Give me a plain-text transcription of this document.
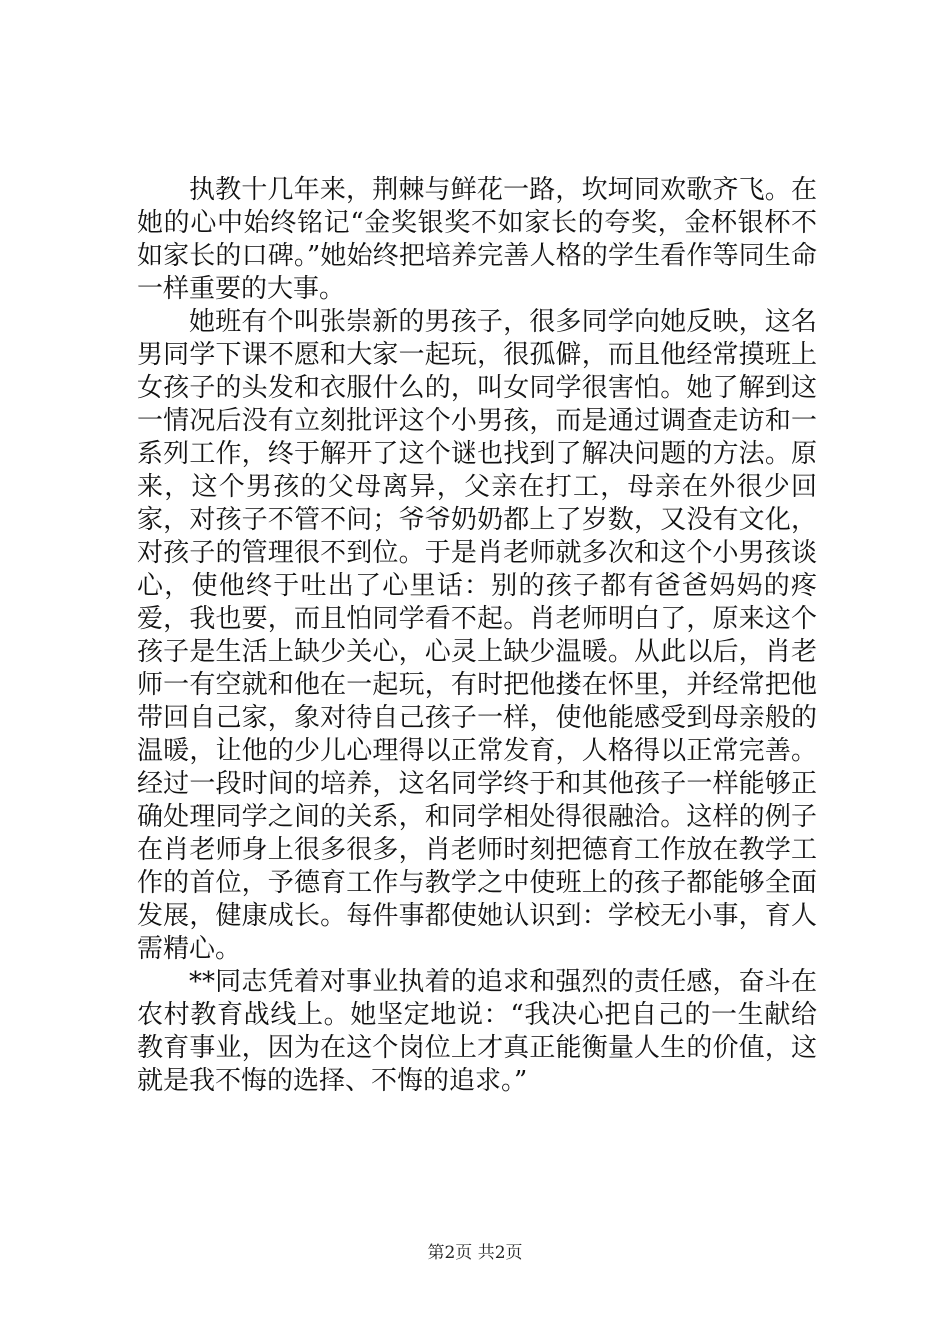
执教十几年来，荆棘与鲜花一路，坎坷同欢歌齐飞。在她的心中始终铭记“金奖银奖不如家长的夸奖，金杯银杯不如家长的口碑。”她始终把培养完善人格的学生看作等同生命一样重要的大事。

她班有个叫张崇新的男孩子，很多同学向她反映，这名男同学下课不愿和大家一起玩，很孤僻，而且他经常摸班上女孩子的头发和衣服什么的，叫女同学很害怕。她了解到这一情况后没有立刻批评这个小男孩，而是通过调查走访和一系列工作，终于解开了这个谜也找到了解决问题的方法。原来，这个男孩的父母离异，父亲在打工，母亲在外很少回家，对孩子不管不问；爷爷奶奶都上了岁数，又没有文化，对孩子的管理很不到位。于是肖老师就多次和这个小男孩谈心，使他终于吐出了心里话：别的孩子都有爸爸妈妈的疼爱，我也要，而且怕同学看不起。肖老师明白了，原来这个孩子是生活上缺少关心，心灵上缺少温暖。从此以后，肖老师一有空就和他在一起玩，有时把他搂在怀里，并经常把他带回自己家，象对待自己孩子一样，使他能感受到母亲般的温暖，让他的少儿心理得以正常发育，人格得以正常完善。经过一段时间的培养，这名同学终于和其他孩子一样能够正确处理同学之间的关系，和同学相处得很融洽。这样的例子在肖老师身上很多很多，肖老师时刻把德育工作放在教学工作的首位，予德育工作与教学之中使班上的孩子都能够全面发展，健康成长。每件事都使她认识到：学校无小事，育人需精心。

**同志凭着对事业执着的追求和强烈的责任感，奋斗在农村教育战线上。她坚定地说：“我决心把自己的一生献给教育事业，因为在这个岗位上才真正能衡量人生的价值，这就是我不悔的选择、不悔的追求。”

第2页 共2页
